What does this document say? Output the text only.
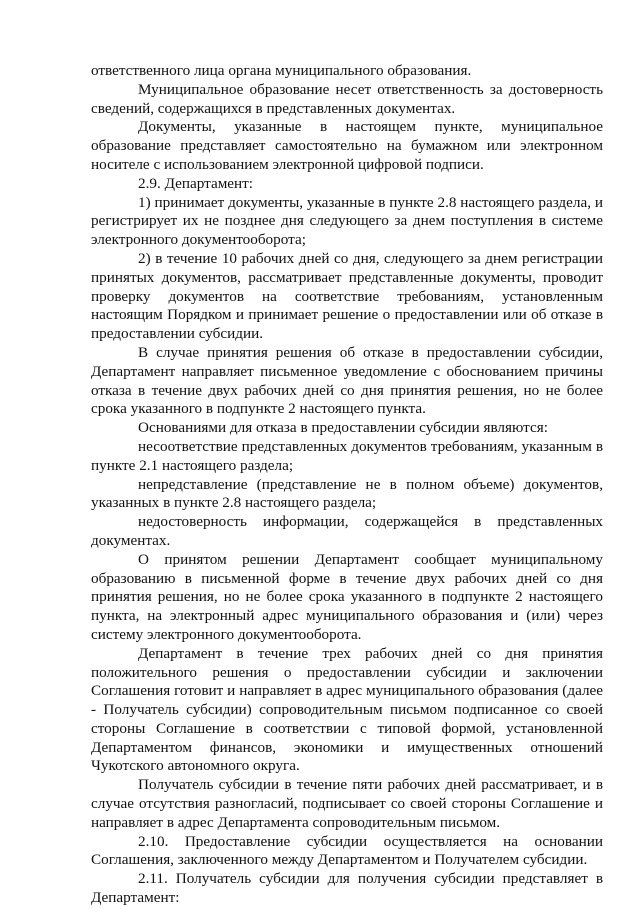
ответственного лица органа муниципального образования.

Муниципальное образование несет ответственность за достоверность сведений, содержащихся в представленных документах.

Документы, указанные в настоящем пункте, муниципальное образование представляет самостоятельно на бумажном или электронном носителе с использованием электронной цифровой подписи.

2.9. Департамент:

1) принимает документы, указанные в пункте 2.8 настоящего раздела, и регистрирует их не позднее дня следующего за днем поступления в системе электронного документооборота;

2) в течение 10 рабочих дней со дня, следующего за днем регистрации принятых документов, рассматривает представленные документы, проводит проверку документов на соответствие требованиям, установленным настоящим Порядком и принимает решение о предоставлении или об отказе в предоставлении субсидии.

В случае принятия решения об отказе в предоставлении субсидии, Департамент направляет письменное уведомление с обоснованием причины отказа в течение двух рабочих дней со дня принятия решения, но не более срока указанного в подпункте 2 настоящего пункта.

Основаниями для отказа в предоставлении субсидии являются:

несоответствие представленных документов требованиям, указанным в пункте 2.1 настоящего раздела;

непредставление (представление не в полном объеме) документов, указанных в пункте 2.8 настоящего раздела;

недостоверность информации, содержащейся в представленных документах.

О принятом решении Департамент сообщает муниципальному образованию в письменной форме в течение двух рабочих дней со дня принятия решения, но не более срока указанного в подпункте 2 настоящего пункта, на электронный адрес муниципального образования и (или) через систему электронного документооборота.

Департамент в течение трех рабочих дней со дня принятия положительного решения о предоставлении субсидии и заключении Соглашения готовит и направляет в адрес муниципального образования (далее - Получатель субсидии) сопроводительным письмом подписанное со своей стороны Соглашение в соответствии с типовой формой, установленной Департаментом финансов, экономики и имущественных отношений Чукотского автономного округа.

Получатель субсидии в течение пяти рабочих дней рассматривает, и в случае отсутствия разногласий, подписывает со своей стороны Соглашение и направляет в адрес Департамента сопроводительным письмом.

2.10. Предоставление субсидии осуществляется на основании Соглашения, заключенного между Департаментом и Получателем субсидии.

2.11. Получатель субсидии для получения субсидии представляет в Департамент:
